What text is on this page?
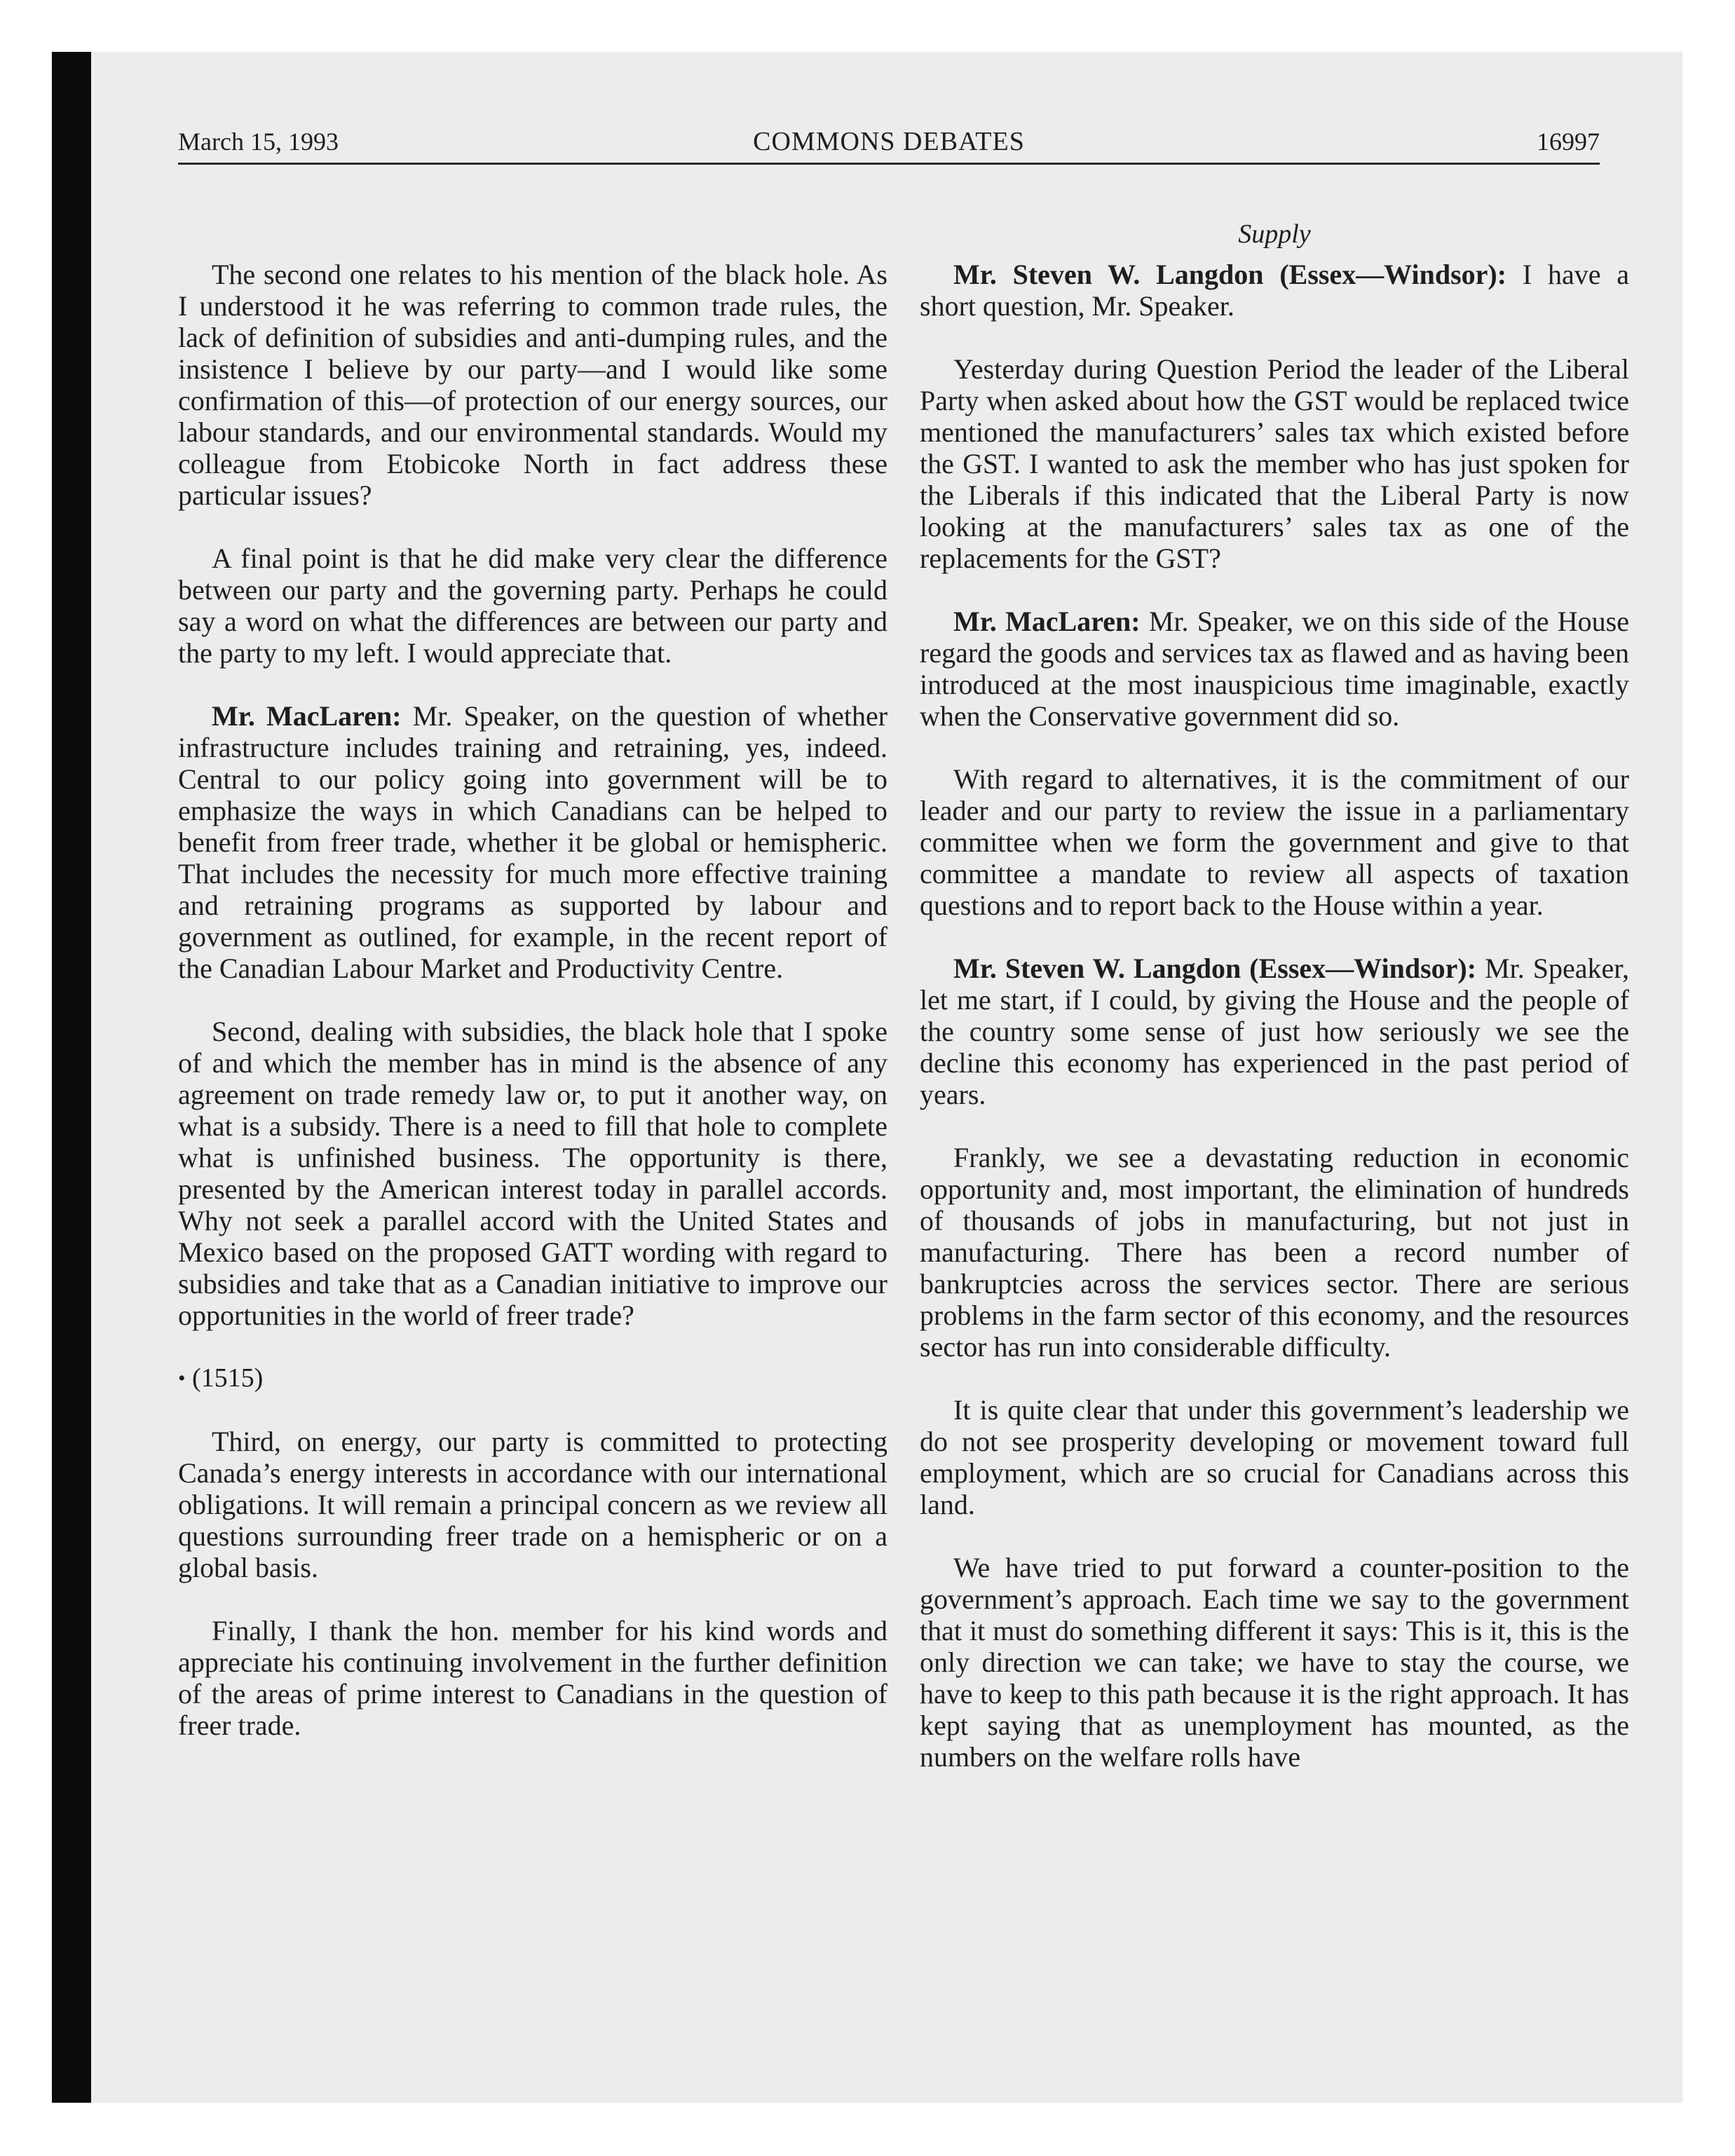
March 15, 1993	COMMONS DEBATES	16997

The second one relates to his mention of the black hole. As I understood it he was referring to common trade rules, the lack of definition of subsidies and anti-dumping rules, and the insistence I believe by our party—and I would like some confirmation of this—of protection of our energy sources, our labour standards, and our environmental standards. Would my colleague from Etobicoke North in fact address these particular issues?

A final point is that he did make very clear the difference between our party and the governing party. Perhaps he could say a word on what the differences are between our party and the party to my left. I would appreciate that.

Mr. MacLaren: Mr. Speaker, on the question of whether infrastructure includes training and retraining, yes, indeed. Central to our policy going into government will be to emphasize the ways in which Canadians can be helped to benefit from freer trade, whether it be global or hemispheric. That includes the necessity for much more effective training and retraining programs as supported by labour and government as outlined, for example, in the recent report of the Canadian Labour Market and Productivity Centre.

Second, dealing with subsidies, the black hole that I spoke of and which the member has in mind is the absence of any agreement on trade remedy law or, to put it another way, on what is a subsidy. There is a need to fill that hole to complete what is unfinished business. The opportunity is there, presented by the American interest today in parallel accords. Why not seek a parallel accord with the United States and Mexico based on the proposed GATT wording with regard to subsidies and take that as a Canadian initiative to improve our opportunities in the world of freer trade?

• (1515)

Third, on energy, our party is committed to protecting Canada’s energy interests in accordance with our international obligations. It will remain a principal concern as we review all questions surrounding freer trade on a hemispheric or on a global basis.

Finally, I thank the hon. member for his kind words and appreciate his continuing involvement in the further definition of the areas of prime interest to Canadians in the question of freer trade.

Supply

Mr. Steven W. Langdon (Essex—Windsor): I have a short question, Mr. Speaker.

Yesterday during Question Period the leader of the Liberal Party when asked about how the GST would be replaced twice mentioned the manufacturers’ sales tax which existed before the GST. I wanted to ask the member who has just spoken for the Liberals if this indicated that the Liberal Party is now looking at the manufacturers’ sales tax as one of the replacements for the GST?

Mr. MacLaren: Mr. Speaker, we on this side of the House regard the goods and services tax as flawed and as having been introduced at the most inauspicious time imaginable, exactly when the Conservative government did so.

With regard to alternatives, it is the commitment of our leader and our party to review the issue in a parliamentary committee when we form the government and give to that committee a mandate to review all aspects of taxation questions and to report back to the House within a year.

Mr. Steven W. Langdon (Essex—Windsor): Mr. Speaker, let me start, if I could, by giving the House and the people of the country some sense of just how seriously we see the decline this economy has experienced in the past period of years.

Frankly, we see a devastating reduction in economic opportunity and, most important, the elimination of hundreds of thousands of jobs in manufacturing, but not just in manufacturing. There has been a record number of bankruptcies across the services sector. There are serious problems in the farm sector of this economy, and the resources sector has run into considerable difficulty.

It is quite clear that under this government’s leadership we do not see prosperity developing or movement toward full employment, which are so crucial for Canadians across this land.

We have tried to put forward a counter-position to the government’s approach. Each time we say to the government that it must do something different it says: This is it, this is the only direction we can take; we have to stay the course, we have to keep to this path because it is the right approach. It has kept saying that as unemployment has mounted, as the numbers on the welfare rolls have
